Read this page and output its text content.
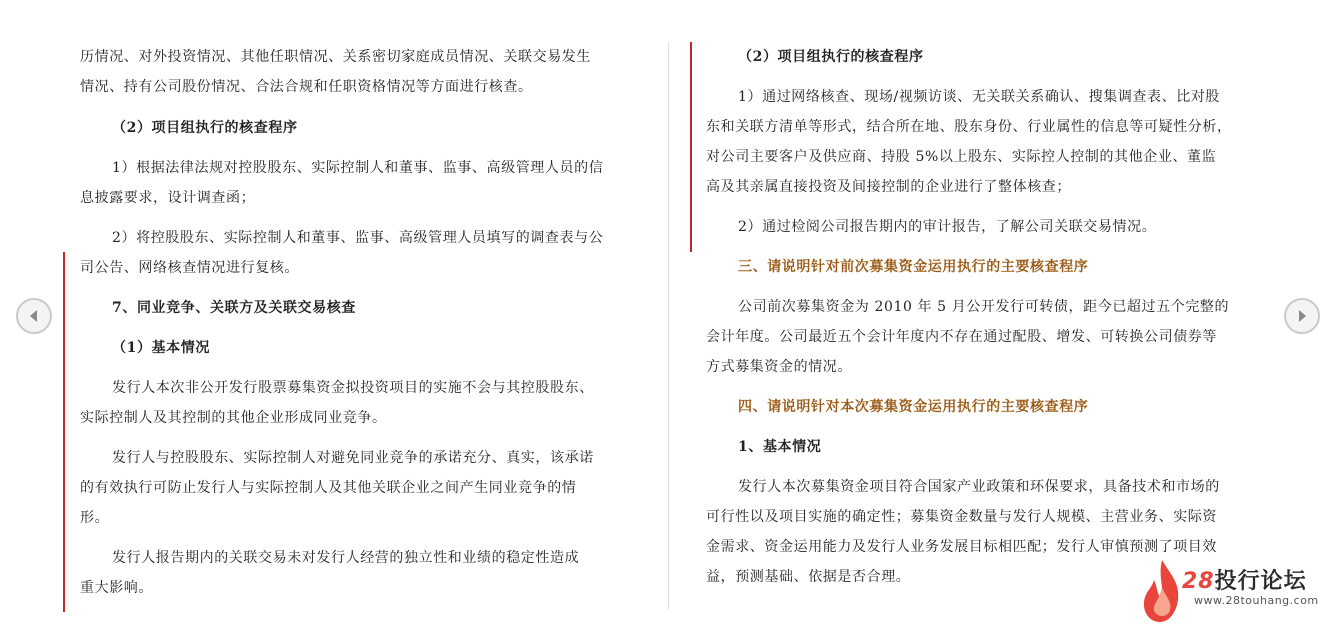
历情况、对外投资情况、其他任职情况、关系密切家庭成员情况、关联交易发生
情况、持有公司股份情况、合法合规和任职资格情况等方面进行核查。
（2）项目组执行的核查程序
1）根据法律法规对控股股东、实际控制人和董事、监事、高级管理人员的信
息披露要求，设计调查函；
2）将控股股东、实际控制人和董事、监事、高级管理人员填写的调查表与公
司公告、网络核查情况进行复核。
7、同业竞争、关联方及关联交易核查
（1）基本情况
发行人本次非公开发行股票募集资金拟投资项目的实施不会与其控股股东、
实际控制人及其控制的其他企业形成同业竞争。
发行人与控股股东、实际控制人对避免同业竞争的承诺充分、真实，该承诺
的有效执行可防止发行人与实际控制人及其他关联企业之间产生同业竞争的情
形。
发行人报告期内的关联交易未对发行人经营的独立性和业绩的稳定性造成
重大影响。
（2）项目组执行的核查程序
1）通过网络核查、现场/视频访谈、无关联关系确认、搜集调查表、比对股
东和关联方清单等形式，结合所在地、股东身份、行业属性的信息等可疑性分析，
对公司主要客户及供应商、持股 5%以上股东、实际控人控制的其他企业、董监
高及其亲属直接投资及间接控制的企业进行了整体核查；
2）通过检阅公司报告期内的审计报告，了解公司关联交易情况。
三、请说明针对前次募集资金运用执行的主要核查程序
公司前次募集资金为 2010 年 5 月公开发行可转债，距今已超过五个完整的
会计年度。公司最近五个会计年度内不存在通过配股、增发、可转换公司债券等
方式募集资金的情况。
四、请说明针对本次募集资金运用执行的主要核查程序
1、基本情况
发行人本次募集资金项目符合国家产业政策和环保要求，具备技术和市场的
可行性以及项目实施的确定性；募集资金数量与发行人规模、主营业务、实际资
金需求、资金运用能力及发行人业务发展目标相匹配；发行人审慎预测了项目效
益，预测基础、依据是否合理。	28投行论坛
www.28touhang.com
